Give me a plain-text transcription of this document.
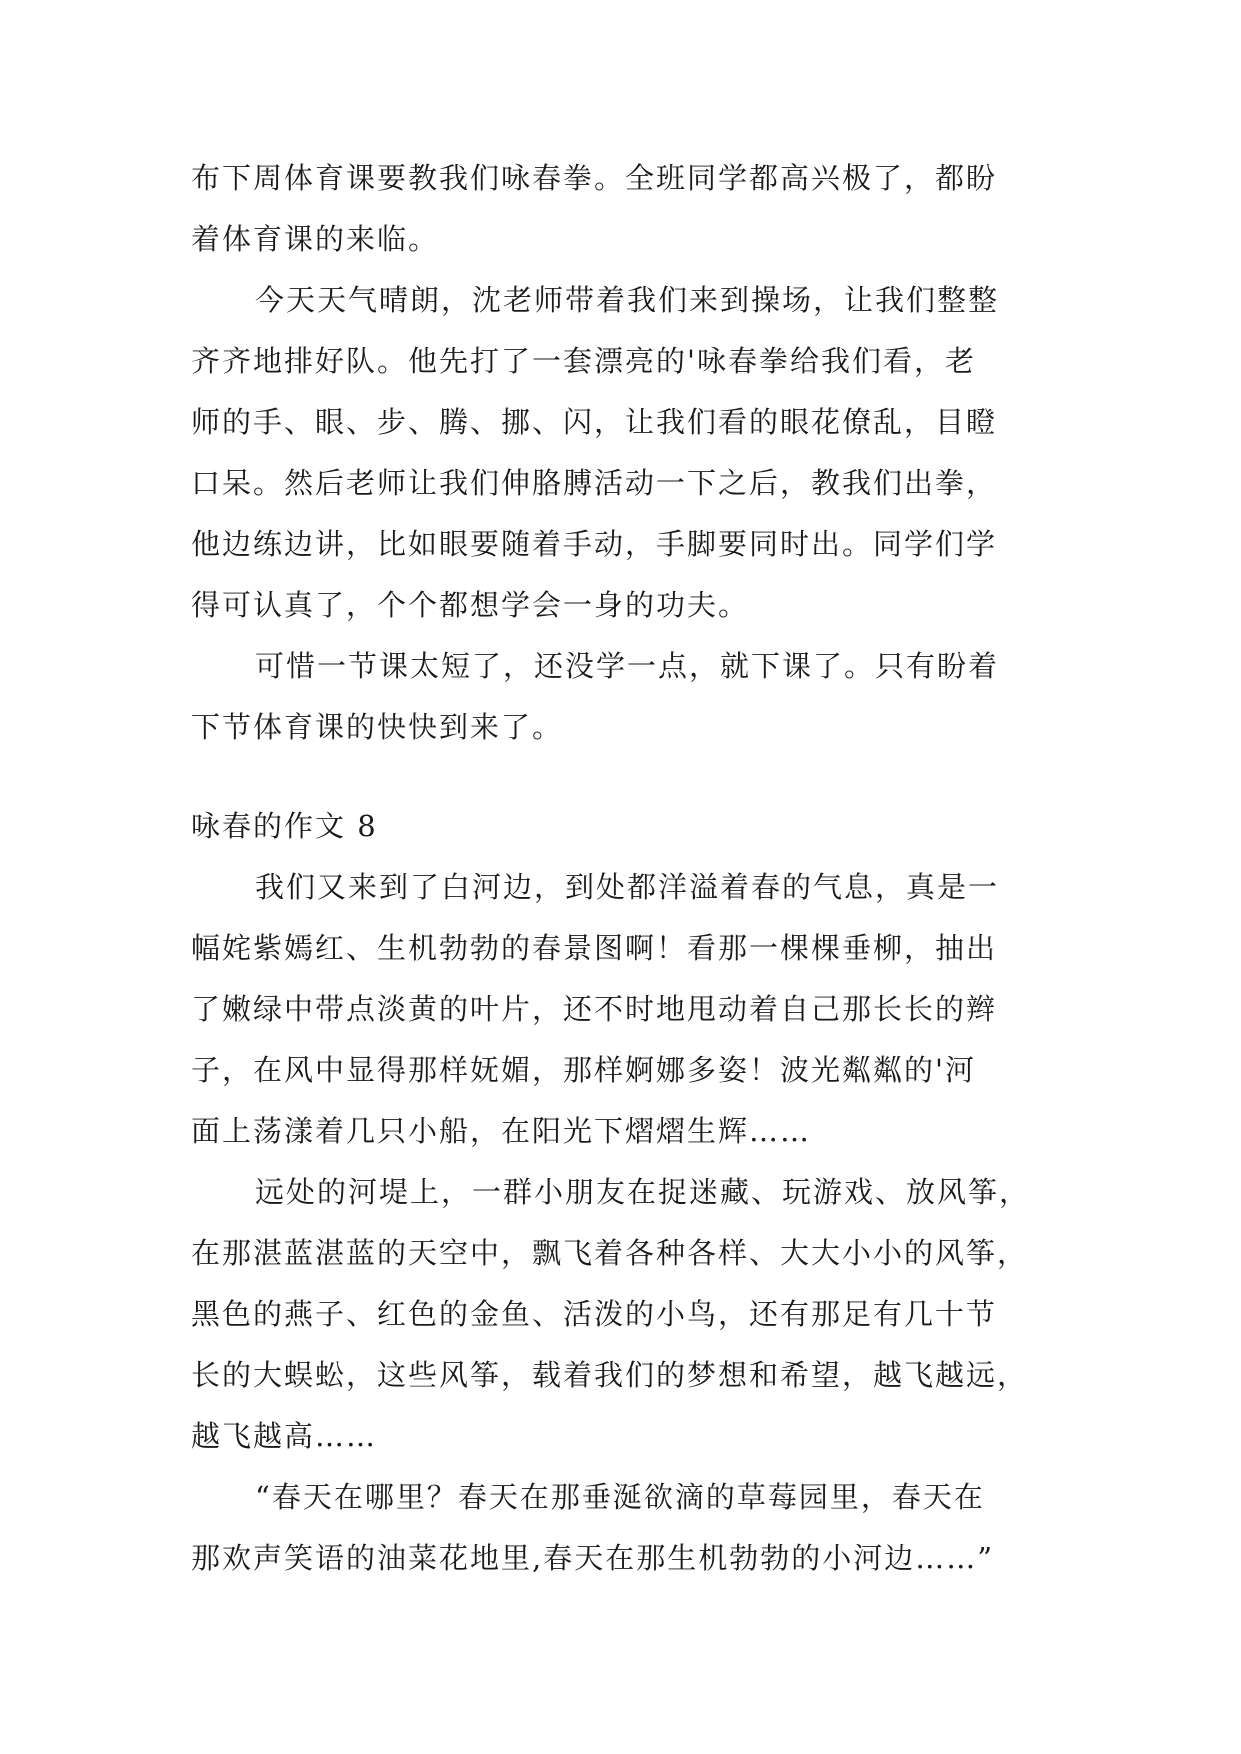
布下周体育课要教我们咏春拳。全班同学都高兴极了，都盼
着体育课的来临。
今天天气晴朗，沈老师带着我们来到操场，让我们整整
齐齐地排好队。他先打了一套漂亮的'咏春拳给我们看，老
师的手、眼、步、腾、挪、闪，让我们看的眼花僚乱，目瞪
口呆。然后老师让我们伸胳膊活动一下之后，教我们出拳，
他边练边讲，比如眼要随着手动，手脚要同时出。同学们学
得可认真了，个个都想学会一身的功夫。
可惜一节课太短了，还没学一点，就下课了。只有盼着
下节体育课的快快到来了。
咏春的作文 8
我们又来到了白河边，到处都洋溢着春的气息，真是一
幅姹紫嫣红、生机勃勃的春景图啊！看那一棵棵垂柳，抽出
了嫩绿中带点淡黄的叶片，还不时地甩动着自己那长长的辫
子，在风中显得那样妩媚，那样婀娜多姿！波光粼粼的'河
面上荡漾着几只小船，在阳光下熠熠生辉……
远处的河堤上，一群小朋友在捉迷藏、玩游戏、放风筝，
在那湛蓝湛蓝的天空中，飘飞着各种各样、大大小小的风筝，
黑色的燕子、红色的金鱼、活泼的小鸟，还有那足有几十节
长的大蜈蚣，这些风筝，载着我们的梦想和希望，越飞越远，
越飞越高……
“春天在哪里？春天在那垂涎欲滴的草莓园里，春天在
那欢声笑语的油菜花地里,春天在那生机勃勃的小河边……”
